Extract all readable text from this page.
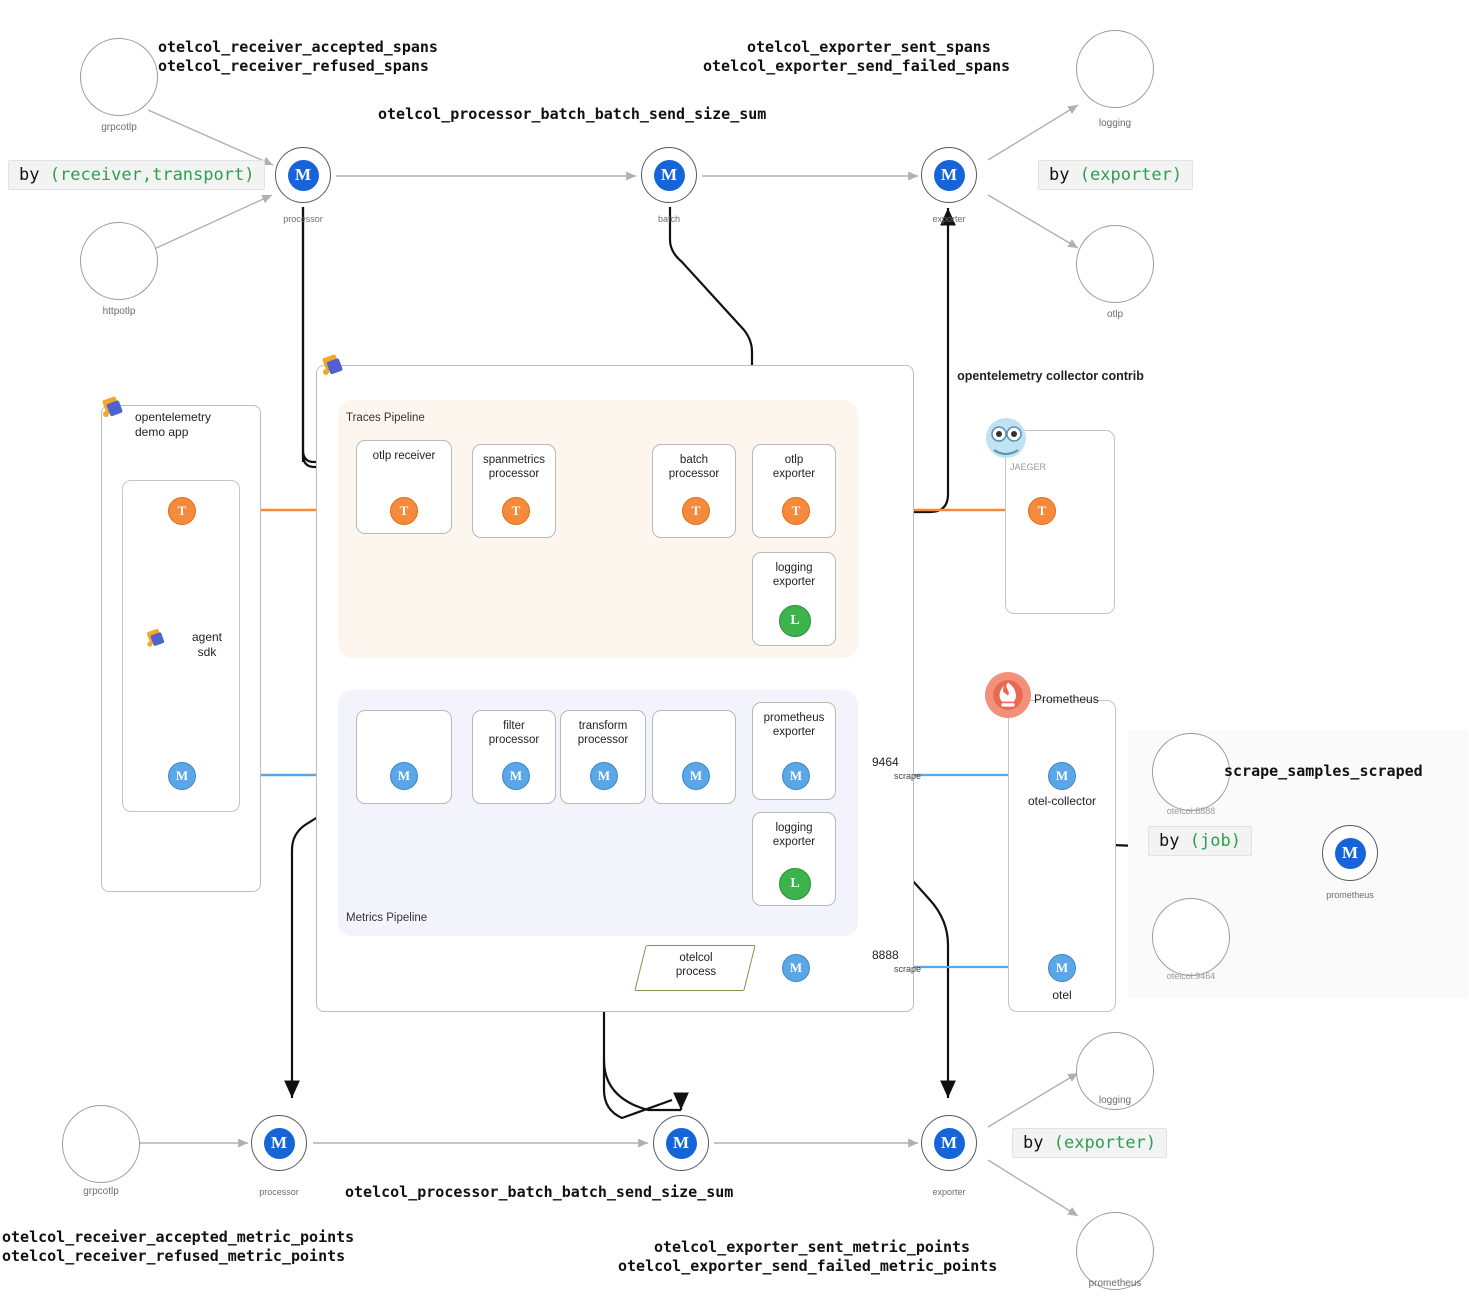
otelcol_receiver_accepted_spans
otelcol_receiver_refused_spans
otelcol_exporter_sent_spans
otelcol_exporter_send_failed_spans
otelcol_processor_batch_batch_send_size_sum
by (receiver,transport)	by (exporter)
grpcotlp
httpotlp
M
processor
M
batch
M
exporter
logging
otlp
opentelemetry
demo app
T
agent
sdk
M
opentelemetry collector contrib
Traces Pipeline
Metrics Pipeline
otlp receiver
T
spanmetrics
processor
T
batch
processor
T
otlp
exporter
T
logging
exporter
L
M
filter
processor
M
transform
processor
M	M
prometheus
exporter
M
logging
exporter
L
otelcol
process	M
JAEGER
T
Prometheus
M
otel-collector
9464
scrape
M
otel
8888
scrape
otelcol:8888
otelcol:9464
M
prometheus
scrape_samples_scraped
by (job)
grpcotlp
M
processor
M	M
exporter
logging
prometheus
by (exporter)
otelcol_processor_batch_batch_send_size_sum
otelcol_receiver_accepted_metric_points
otelcol_receiver_refused_metric_points	otelcol_exporter_sent_metric_points
otelcol_exporter_send_failed_metric_points
